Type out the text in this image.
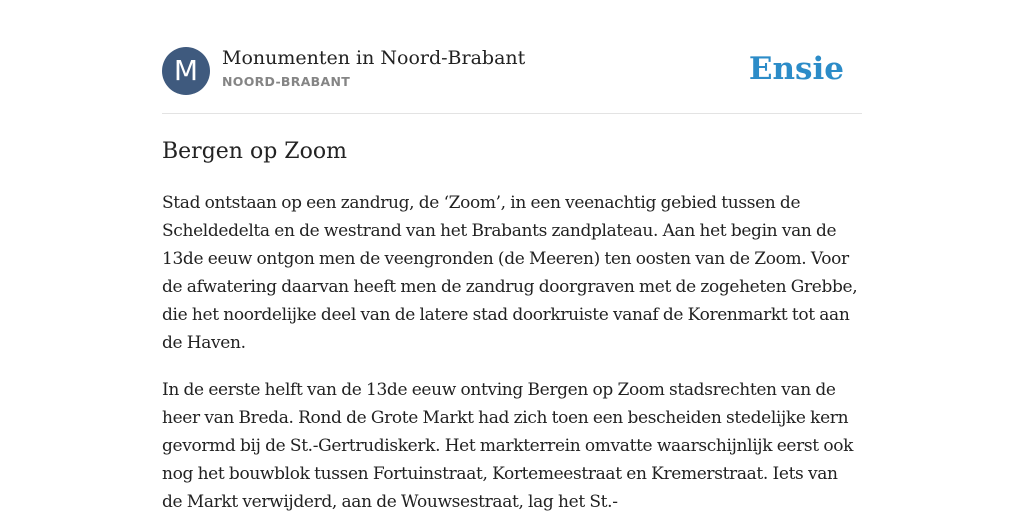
M	Monumenten in Noord-Brabant
NOORD-BRABANT	Ensie
Bergen op Zoom

Stad ontstaan op een zandrug, de ‘Zoom’, in een veenachtig gebied tussen de Scheldedelta en de westrand van het Brabants zandplateau. Aan het begin van de 13de eeuw ontgon men de veengronden (de Meeren) ten oosten van de Zoom. Voor de afwatering daarvan heeft men de zandrug doorgraven met de zogeheten Grebbe, die het noordelijke deel van de latere stad doorkruiste vanaf de Korenmarkt tot aan de Haven.

In de eerste helft van de 13de eeuw ontving Bergen op Zoom stadsrechten van de heer van Breda. Rond de Grote Markt had zich toen een bescheiden stedelijke kern gevormd bij de St.-Gertrudiskerk. Het markterrein omvatte waarschijnlijk eerst ook nog het bouwblok tussen Fortuinstraat, Kortemeestraat en Kremerstraat. Iets van de Markt verwijderd, aan de Wouwsestraat, lag het St.-
